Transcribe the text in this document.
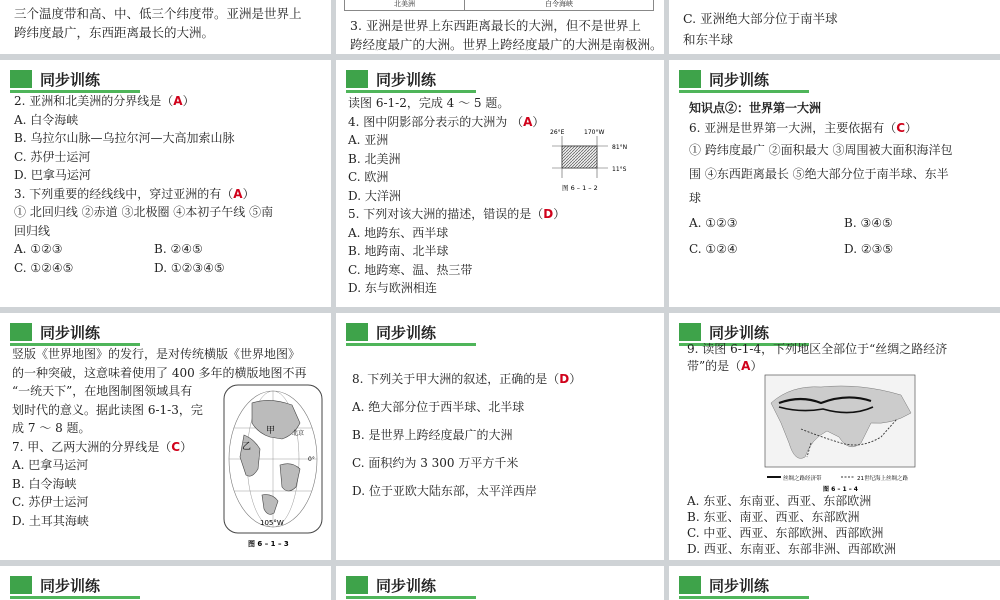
三个温度带和高、中、低三个纬度带。亚洲是世界上

跨纬度最广，东西距离最长的大洲。

北美洲	白令海峡

3. 亚洲是世界上东西距离最长的大洲，但不是世界上

跨经度最广的大洲。世界上跨经度最广的大洲是南极洲。

C. 亚洲绝大部分位于南半球

和东半球

同步训练

2. 亚洲和北美洲的分界线是（A）

A. 白令海峡

B. 乌拉尔山脉—乌拉尔河—大高加索山脉

C. 苏伊士运河

D. 巴拿马运河

3. 下列重要的经线线中，穿过亚洲的有（A）

① 北回归线 ②赤道 ③北极圈 ④本初子午线 ⑤南

回归线

A. ①②③	B. ②④⑤

C. ①②④⑤	D. ①②③④⑤

同步训练

读图 6-1-2，完成 4 ～ 5 题。

4. 图中阴影部分表示的大洲为 （A）

A. 亚洲

B. 北美洲

C. 欧洲

D. 大洋洲

5. 下列对该大洲的描述，错误的是（D）

A. 地跨东、西半球

B. 地跨南、北半球

C. 地跨寒、温、热三带

D. 东与欧洲相连

26°E	170°W
81°N
11°S
图 6 – 1 – 2
同步训练

知识点②：世界第一大洲

6. 亚洲是世界第一大洲，主要依据有（C）

① 跨纬度最广 ②面积最大 ③周围被大面积海洋包

围 ④东西距离最长 ⑤绝大部分位于南半球、东半

球

A. ①②③	B. ③④⑤

C. ①②④	D. ②③⑤

同步训练

竖版《世界地图》的发行，是对传统横版《世界地图》

的一种突破，这意味着使用了 400 多年的横版地图不再

“一统天下”，在地图制图领域具有

划时代的意义。据此读图 6-1-3，完

成 7 ～ 8 题。

7. 甲、乙两大洲的分界线是（C）

A. 巴拿马运河

B. 白令海峡

C. 苏伊士运河

D. 土耳其海峡

乙
甲	北京
0°
105°W
图 6 – 1 – 3
同步训练

8. 下列关于甲大洲的叙述，正确的是（D）

A. 绝大部分位于西半球、北半球

B. 是世界上跨经度最广的大洲

C. 面积约为 3 300 万平方千米

D. 位于亚欧大陆东部，太平洋西岸

同步训练

9. 读图 6-1-4，下列地区全部位于“丝绸之路经济

带”的是（A）

丝绸之路经济带	21世纪海上丝绸之路
图 6 – 1 – 4

A. 东亚、东南亚、西亚、东部欧洲

B. 东亚、南亚、西亚、东部欧洲

C. 中亚、西亚、东部欧洲、西部欧洲

D. 西亚、东南亚、东部非洲、西部欧洲

同步训练	同步训练	同步训练
